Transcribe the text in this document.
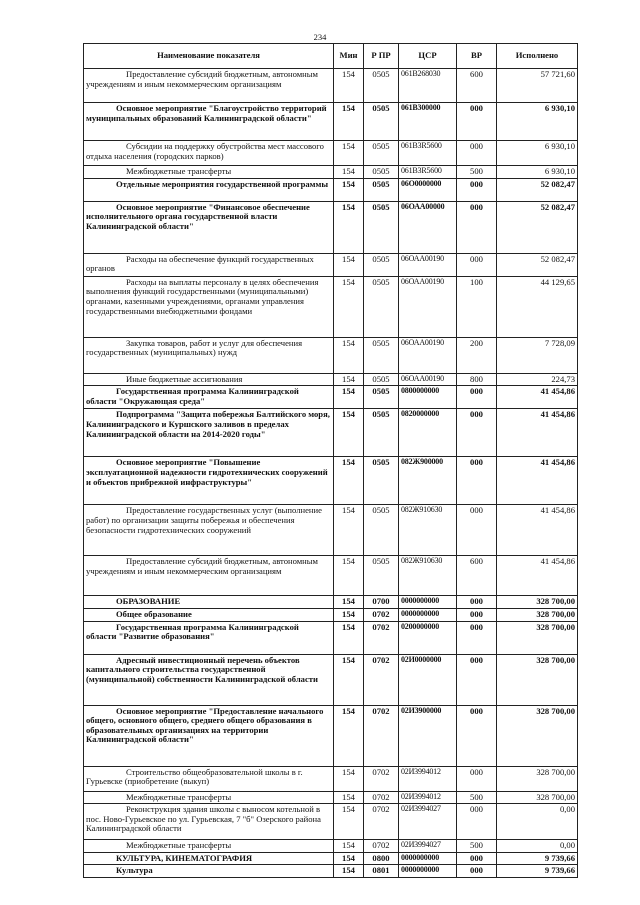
234
Наименование показателя	Мин	Р ПР	ЦСР	ВР	Исполнено
Предоставление субсидий бюджетным, автономным учреждениям и иным некоммерческим организациям	154	0505	061В268030	600	57 721,60
Основное мероприятие "Благоустройство территорий муниципальных образований Калининградской области"	154	0505	061В300000	000	6 930,10
Субсидии на поддержку обустройства мест массового отдыха населения (городских парков)	154	0505	061В3R5600	000	6 930,10
Межбюджетные трансферты	154	0505	061В3R5600	500	6 930,10
Отдельные мероприятия государственной программы	154	0505	06О0000000	000	52 082,47
Основное мероприятие "Финансовое обеспечение исполнительного органа государственной власти Калининградской области"	154	0505	06ОАА00000	000	52 082,47
Расходы на обеспечение функций государственных органов	154	0505	06ОАА00190	000	52 082,47
Расходы на выплаты персоналу в целях обеспечения выполнения функций государственными (муниципальными) органами, казенными учреждениями, органами управления государственными внебюджетными фондами	154	0505	06ОАА00190	100	44 129,65
Закупка товаров, работ и услуг для обеспечения государственных (муниципальных) нужд	154	0505	06ОАА00190	200	7 728,09
Иные бюджетные ассигнования	154	0505	06ОАА00190	800	224,73
Государственная программа Калининградской области "Окружающая среда"	154	0505	0800000000	000	41 454,86
Подпрограмма "Защита побережья Балтийского моря, Калининградского и Куршского заливов в пределах Калининградской области на 2014-2020 годы"	154	0505	0820000000	000	41 454,86
Основное мероприятие "Повышение эксплуатационной надежности гидротехнических сооружений и объектов прибрежной инфраструктуры"	154	0505	082Ж900000	000	41 454,86
Предоставление государственных услуг (выполнение работ) по организации защиты побережья и обеспечения безопасности гидротехнических сооружений	154	0505	082Ж910630	000	41 454,86
Предоставление субсидий бюджетным, автономным учреждениям и иным некоммерческим организациям	154	0505	082Ж910630	600	41 454,86
ОБРАЗОВАНИЕ	154	0700	0000000000	000	328 700,00
Общее образование	154	0702	0000000000	000	328 700,00
Государственная программа Калининградской области "Развитие образования"	154	0702	0200000000	000	328 700,00
Адресный инвестиционный перечень объектов капитального строительства государственной (муниципальной) собственности Калининградской области	154	0702	02И0000000	000	328 700,00
Основное мероприятие "Предоставление начального общего, основного общего, среднего общего образования в образовательных организациях на территории Калининградской области"	154	0702	02И3900000	000	328 700,00
Строительство общеобразовательной школы в г. Гурьевске (приобретение (выкуп)	154	0702	02И3994012	000	328 700,00
Межбюджетные трансферты	154	0702	02И3994012	500	328 700,00
Реконструкция здания школы с выносом котельной в пос. Ново-Гурьевское по ул. Гурьевская, 7 "б" Озерского района Калининградской области	154	0702	02И3994027	000	0,00
Межбюджетные трансферты	154	0702	02И3994027	500	0,00
КУЛЬТУРА, КИНЕМАТОГРАФИЯ	154	0800	0000000000	000	9 739,66
Культура	154	0801	0000000000	000	9 739,66
